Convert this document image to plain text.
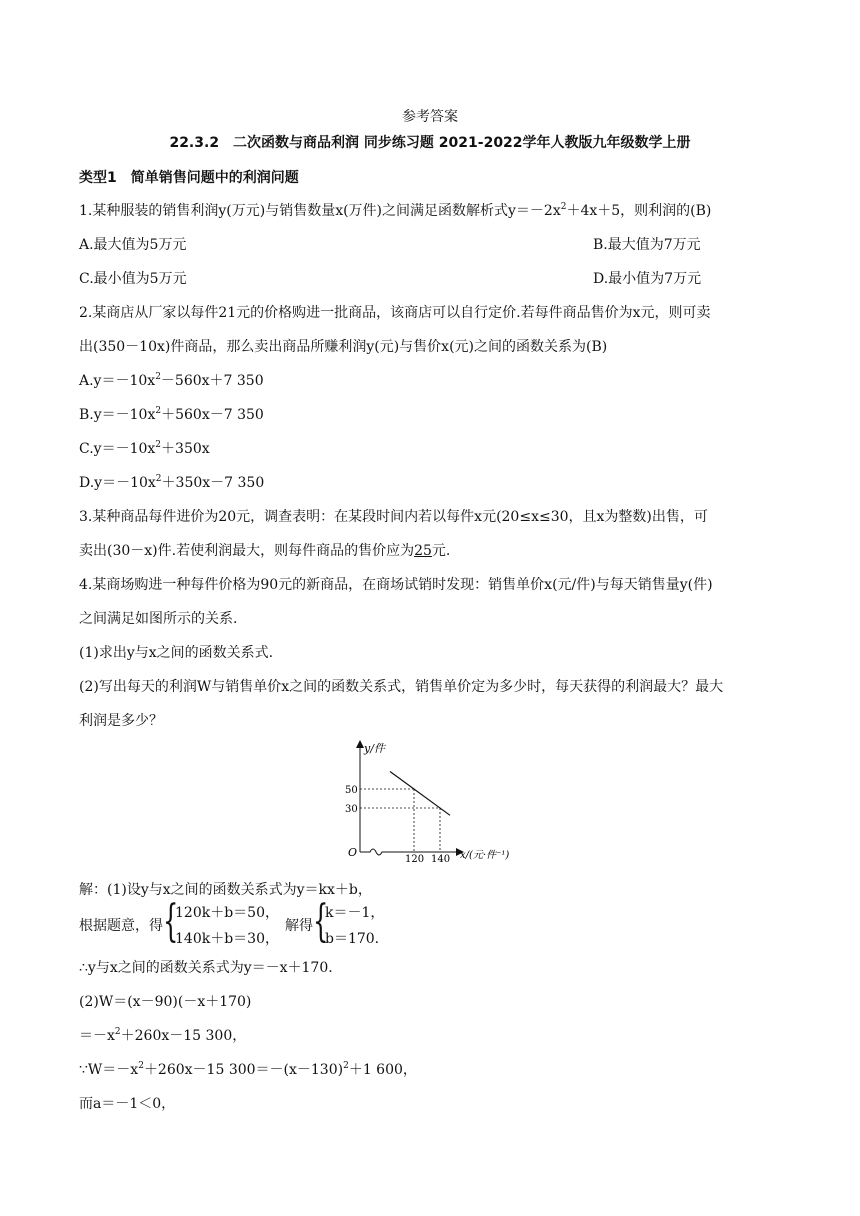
参考答案
22.3.2　二次函数与商品利润 同步练习题 2021-2022学年人教版九年级数学上册
类型1　简单销售问题中的利润问题
1.某种服装的销售利润y(万元)与销售数量x(万件)之间满足函数解析式$y=-2x^2+4x+5$，则利润的(B)
A.最大值为5万元	B.最大值为7万元
C.最小值为5万元	D.最小值为7万元
2.某商店从厂家以每件21元的价格购进一批商品，该商店可以自行定价.若每件商品售价为x元，则可卖
出(350－10x)件商品，那么卖出商品所赚利润y(元)与售价x(元)之间的函数关系为(B)
$A.y=-10x^2-560x+7$ 350
$B.y=-10x^2+560x-7$ 350
$C.y=-10x^2+350x$
$D.y=-10x^2+350x-7$ 350
3.某种商品每件进价为20元，调查表明：在某段时间内若以每件x元(20≤x≤30，且x为整数)出售，可
卖出(30－x)件.若使利润最大，则每件商品的售价应为25元.
4.某商场购进一种每件价格为90元的新商品，在商场试销时发现：销售单价x(元/件)与每天销售量y(件)
之间满足如图所示的关系.
(1)求出y与x之间的函数关系式.
(2)写出每天的利润W与销售单价x之间的函数关系式，销售单价定为多少时，每天获得的利润最大？最大
利润是多少？
y/件
x/(元·件⁻¹)
O
50
30
120 140
解：(1)设y与x之间的函数关系式为y＝kx＋b，
根据题意，得 {
120k＋b＝50，
140k＋b＝30，
解得 {
k＝－1，
b＝170.
∴y与x之间的函数关系式为y＝－x＋170.
(2)W＝(x－90)(－x＋170)
$=-x^2+260x-15$ 300，
$\because W=-x^2+260x-15$ $300=-(x-130)^2+1$ 600，
而a＝－1＜0，
